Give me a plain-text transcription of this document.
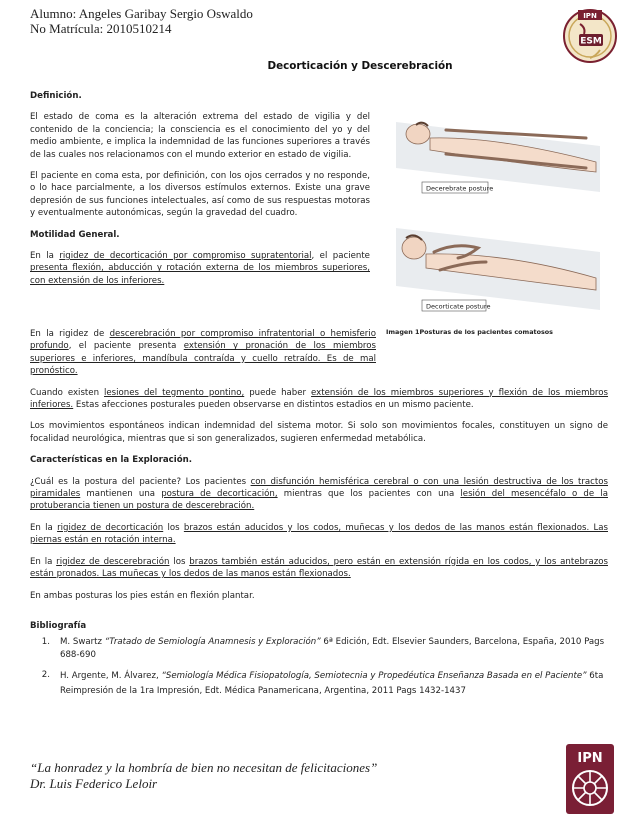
Alumno: Angeles Garibay Sergio Oswaldo
No Matrícula: 2010510214
IPN
ESM
Decorticación y Descerebración
Definición.
El estado de coma es la alteración extrema del estado de vigilia y del contenido de la conciencia; la consciencia es el conocimiento del yo y del medio ambiente, e implica la indemnidad de las funciones superiores a través de las cuales nos relacionamos con el mundo exterior en estado de vigilia.
El paciente en coma esta, por definición, con los ojos cerrados y no responde, o lo hace parcialmente, a los diversos estímulos externos. Existe una grave depresión de sus funciones intelectuales, así como de sus respuestas motoras y eventualmente autonómicas, según la gravedad del cuadro.
Motilidad General.
En la rigidez de decorticación por compromiso supratentorial, el paciente presenta flexión, abducción y rotación externa de los miembros superiores, con extensión de los inferiores.
Decerebrate posture
Decorticate posture
Imagen 1Posturas de los pacientes comatosos
En la rigidez de descerebración por compromiso infratentorial o hemisferio profundo, el paciente presenta extensión y pronación de los miembros superiores e inferiores, mandíbula contraída y cuello retraído. Es de mal pronóstico.
Cuando existen lesiones del tegmento pontino, puede haber extensión de los miembros superiores y flexión de los miembros inferiores. Estas afecciones posturales pueden observarse en distintos estadios en un mismo paciente.
Los movimientos espontáneos indican indemnidad del sistema motor. Si solo son movimientos focales, constituyen un signo de focalidad neurológica, mientras que si son generalizados, sugieren enfermedad metabólica.
Características en la Exploración.
¿Cuál es la postura del paciente? Los pacientes con disfunción hemisférica cerebral o con una lesión destructiva de los tractos piramidales mantienen una postura de decorticación, mientras que los pacientes con una lesión del mesencéfalo o de la protuberancia tienen un postura de descerebración.
En la rigidez de decorticación los brazos están aducidos y los codos, muñecas y los dedos de las manos están flexionados. Las piernas están en rotación interna.
En la rigidez de descerebración los brazos también están aducidos, pero están en extensión rígida en los codos, y los antebrazos están pronados. Las muñecas y los dedos de las manos están flexionados.
En ambas posturas los pies están en flexión plantar.
Bibliografía
1.	M. Swartz “Tratado de Semiología Anamnesis y Exploración” 6ª Edición, Edt. Elsevier Saunders, Barcelona, España, 2010 Pags 688-690
2.	H. Argente, M. Álvarez, “Semiología Médica Fisiopatología, Semiotecnia y Propedéutica Enseñanza Basada en el Paciente” 6ta Reimpresión de la 1ra Impresión, Edt. Médica Panamericana, Argentina, 2011 Pags 1432-1437
“La honradez y la hombría de bien no necesitan de felicitaciones”
Dr. Luis Federico Leloir
IPN
